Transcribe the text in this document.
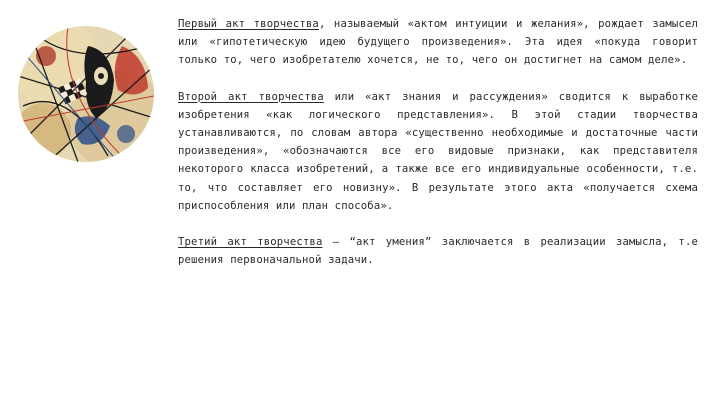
Первый акт творчества, называемый «актом интуиции и желания», рождает замысел или «гипотетическую идею будущего произведения». Эта идея «покуда говорит только то, чего изобретателю хочется, не то, чего он достигнет на самом деле».

Второй акт творчества или «акт знания и рассуждения» сводится к выработке изобретения «как логического представления». В этой стадии творчества устанавливаются, по словам автора «существенно необходимые и достаточные части произведения», «обозначаются все его видовые признаки, как представителя некоторого класса изобретений, а также все его индивидуальные особенности, т.е. то, что составляет его новизну». В результате этого акта «получается схема приспособления или план способа».

Третий акт творчества – “акт умения” заключается в реализации замысла, т.е решения первоначальной задачи.
